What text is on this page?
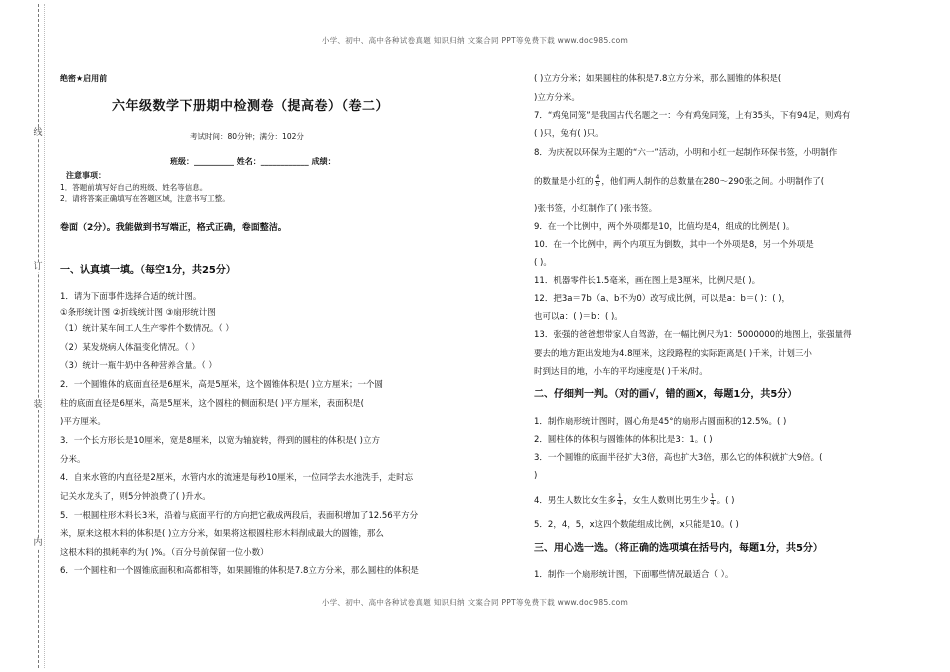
线
订
装
内
小学、初中、高中各种试卷真题 知识归纳 文案合同 PPT等免费下载 www.doc985.com
小学、初中、高中各种试卷真题 知识归纳 文案合同 PPT等免费下载 www.doc985.com
绝密★启用前
六年级数学下册期中检测卷（提高卷）（卷二）
考试时间：80分钟；满分：102分
班级：__________ 姓名：____________ 成绩：
注意事项：
1．答题前填写好自己的班级、姓名等信息。
2．请将答案正确填写在答题区域，注意书写工整。
卷面（2分）。我能做到书写端正，格式正确，卷面整洁。
一、认真填一填。（每空1分，共25分）
1．请为下面事件选择合适的统计图。
①条形统计图 ②折线统计图 ③扇形统计图
（1）统计某车间工人生产零件个数情况。（ ）
（2）某发烧病人体温变化情况。（ ）
（3）统计一瓶牛奶中各种营养含量。（ ）
2．一个圆锥体的底面直径是6厘米，高是5厘米，这个圆锥体积是( )立方厘米；一个圆
柱的底面直径是6厘米，高是5厘米，这个圆柱的侧面积是( )平方厘米，表面积是(
)平方厘米。
3．一个长方形长是10厘米，宽是8厘米，以宽为轴旋转，得到的圆柱的体积是( )立方
分米。
4．自来水管的内直径是2厘米，水管内水的流速是每秒10厘米，一位同学去水池洗手，走时忘
记关水龙头了，则5分钟浪费了( )升水。
5．一根圆柱形木料长3米，沿着与底面平行的方向把它截成两段后，表面积增加了12.56平方分
米，原来这根木料的体积是( )立方分米，如果将这根圆柱形木料削成最大的圆锥，那么
这根木料的损耗率约为( )%。（百分号前保留一位小数）
6．一个圆柱和一个圆锥底面积和高都相等，如果圆锥的体积是7.8立方分米，那么圆柱的体积是
( )立方分米；如果圆柱的体积是7.8立方分米，那么圆锥的体积是(
)立方分米。
7．“鸡兔同笼”是我国古代名题之一：今有鸡兔同笼，上有35头，下有94足，则鸡有
( )只，兔有( )只。
8．为庆祝以环保为主题的“六一”活动，小明和小红一起制作环保书签，小明制作
的数量是小红的 $\frac{4}{5}$ ，他们两人制作的总数量在280～290张之间。小明制作了(
)张书签，小红制作了( )张书签。
9．在一个比例中，两个外项都是10，比值均是4，组成的比例是( )。
10．在一个比例中，两个内项互为倒数，其中一个外项是8，另一个外项是
( )。
11．机器零件长1.5毫米，画在图上是3厘米，比例尺是( )。
12．把3a＝7b（a、b不为0）改写成比例，可以是a：b＝( )：( )，
也可以a：( )＝b：( )。
13．张强的爸爸想带家人自驾游，在一幅比例尺为1：5000000的地图上，张强量得
要去的地方距出发地为4.8厘米，这段路程的实际距离是( )千米，计划三小
时到达目的地，小车的平均速度是( )千米/时。
二、仔细判一判。（对的画√，错的画X，每题1分，共5分）
1．制作扇形统计图时，圆心角是45°的扇形占圆面积的12.5%。( )
2．圆柱体的体积与圆锥体的体积比是3：1。( )
3．一个圆锥的底面半径扩大3倍，高也扩大3倍，那么它的体积就扩大9倍。(
)
4．男生人数比女生多 $\frac{1}{4}$ ，女生人数则比男生少 $\frac{1}{4}$ 。( )
5．2，4，5，x这四个数能组成比例，x只能是10。( )
三、用心选一选。（将正确的选项填在括号内，每题1分，共5分）
1．制作一个扇形统计图，下面哪些情况最适合（ ）。
